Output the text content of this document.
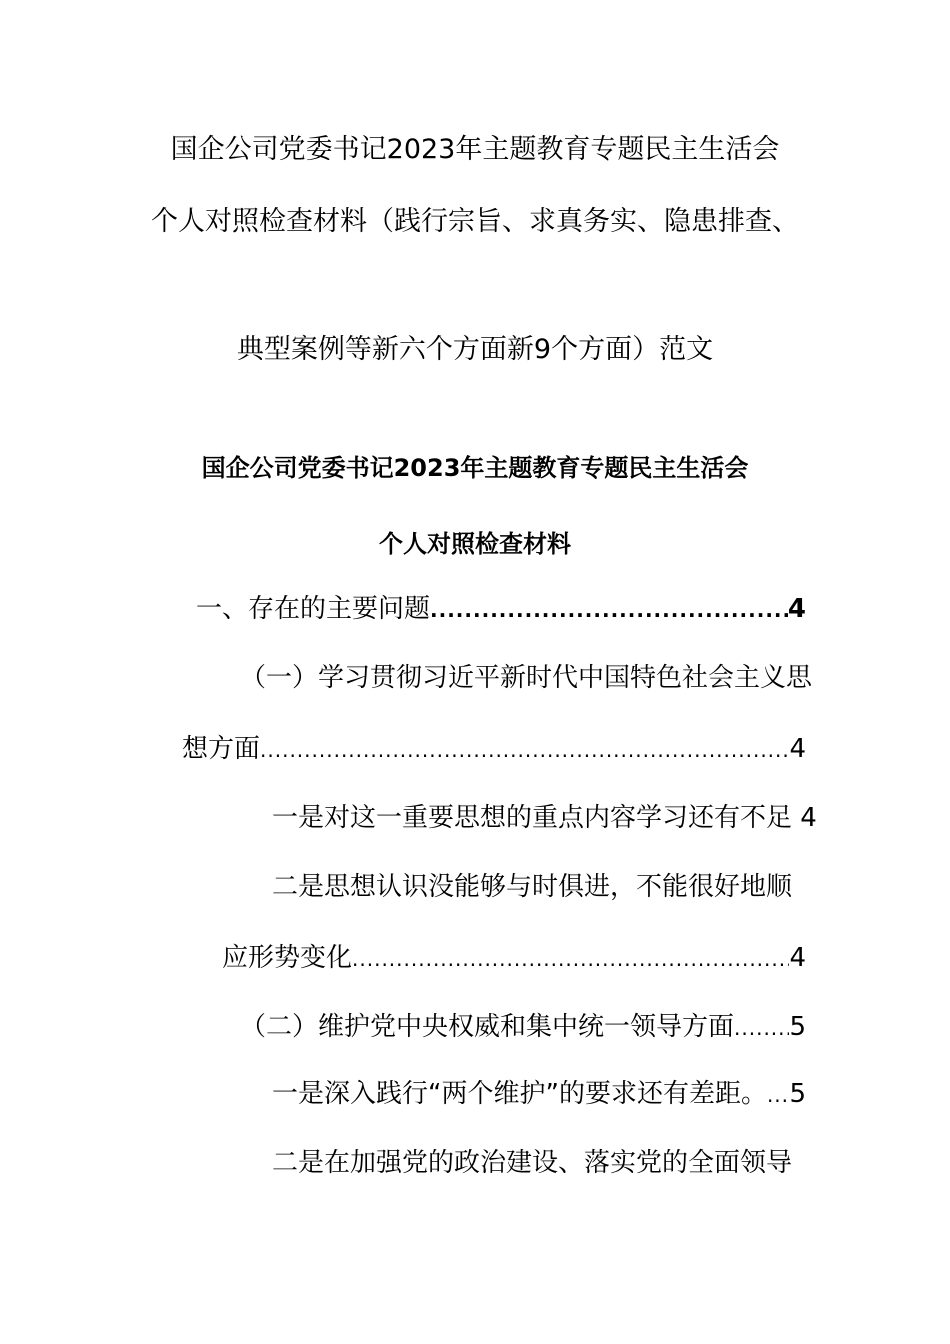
国企公司党委书记2023年主题教育专题民主生活会
个人对照检查材料（践行宗旨、求真务实、隐患排查、
典型案例等新六个方面新9个方面）范文
国企公司党委书记2023年主题教育专题民主生活会
个人对照检查材料
一、存在的主要问题 .....	4
（一）学习贯彻习近平新时代中国特色社会主义思
想方面 .....	4
一是对这一重要思想的重点内容学习还有不足 4
二是思想认识没能够与时俱进，不能很好地顺
应形势变化 .....	4
（二）维护党中央权威和集中统一领导方面 ..... 5
一是深入践行“两个维护”的要求还有差距。 ..... 5
二是在加强党的政治建设、落实党的全面领导
